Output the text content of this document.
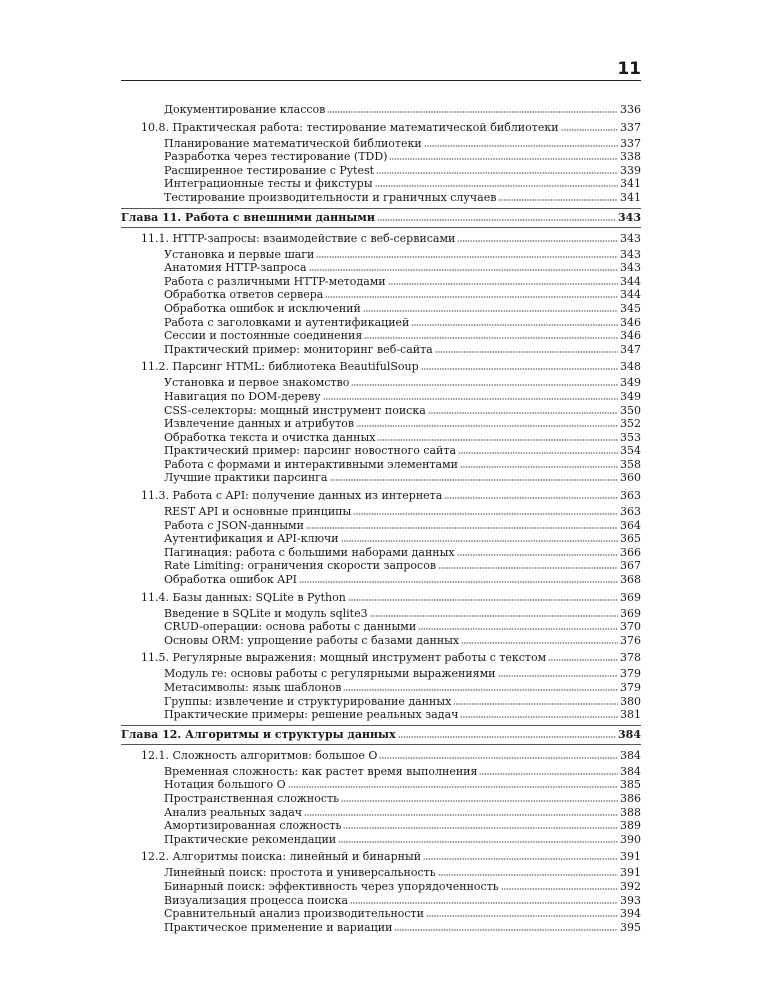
11
Документирование классов	336
10.8. Практическая работа: тестирование математической библиотеки	337
Планирование математической библиотеки	337
Разработка через тестирование (TDD)	338
Расширенное тестирование с Pytest	339
Интеграционные тесты и фикстуры	341
Тестирование производительности и граничных случаев	341
Глава 11. Работа с внешними данными	343
11.1. HTTP-запросы: взаимодействие с веб-сервисами	343
Установка и первые шаги	343
Анатомия HTTP-запроса	343
Работа с различными HTTP-методами	344
Обработка ответов сервера	344
Обработка ошибок и исключений	345
Работа с заголовками и аутентификацией	346
Сессии и постоянные соединения	346
Практический пример: мониторинг веб-сайта	347
11.2. Парсинг HTML: библиотека BeautifulSoup	348
Установка и первое знакомство	349
Навигация по DOM-дереву	349
CSS-селекторы: мощный инструмент поиска	350
Извлечение данных и атрибутов	352
Обработка текста и очистка данных	353
Практический пример: парсинг новостного сайта	354
Работа с формами и интерактивными элементами	358
Лучшие практики парсинга	360
11.3. Работа с API: получение данных из интернета	363
REST API и основные принципы	363
Работа с JSON-данными	364
Аутентификация и API-ключи	365
Пагинация: работа с большими наборами данных	366
Rate Limiting: ограничения скорости запросов	367
Обработка ошибок API	368
11.4. Базы данных: SQLite в Python	369
Введение в SQLite и модуль sqlite3	369
CRUD-операции: основа работы с данными	370
Основы ORM: упрощение работы с базами данных	376
11.5. Регулярные выражения: мощный инструмент работы с текстом	378
Модуль re: основы работы с регулярными выражениями	379
Метасимволы: язык шаблонов	379
Группы: извлечение и структурирование данных	380
Практические примеры: решение реальных задач	381
Глава 12. Алгоритмы и структуры данных	384
12.1. Сложность алгоритмов: большое O	384
Временная сложность: как растет время выполнения	384
Нотация большого O	385
Пространственная сложность	386
Анализ реальных задач	388
Амортизированная сложность	389
Практические рекомендации	390
12.2. Алгоритмы поиска: линейный и бинарный	391
Линейный поиск: простота и универсальность	391
Бинарный поиск: эффективность через упорядоченность	392
Визуализация процесса поиска	393
Сравнительный анализ производительности	394
Практическое применение и вариации	395
